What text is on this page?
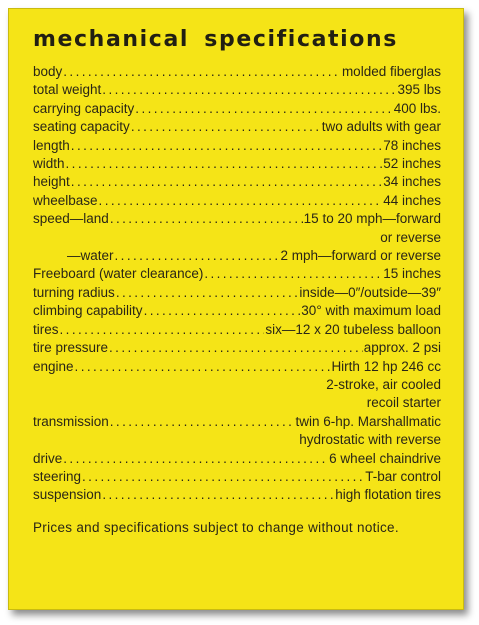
mechanical specifications
body .....	molded fiberglas
total weight .....	395 lbs
carrying capacity .....	400 lbs.
seating capacity .....	two adults with gear
length .....	78 inches
width .....	52 inches
height .....	34 inches
wheelbase .....	44 inches
speed—land .....	15 to 20 mph—forward
or reverse
—water .....	2 mph—forward or reverse
Freeboard (water clearance) .....	15 inches
turning radius .....	inside—0″/outside—39″
climbing capability .....	30° with maximum load
tires .....	six—12 x 20 tubeless balloon
tire pressure .....	approx. 2 psi
engine .....	Hirth 12 hp 246 cc
2-stroke, air cooled
recoil starter
transmission .....	twin 6-hp. Marshallmatic
hydrostatic with reverse
drive .....	6 wheel chaindrive
steering .....	T-bar control
suspension .....	high flotation tires

Prices and specifications subject to change without notice.
